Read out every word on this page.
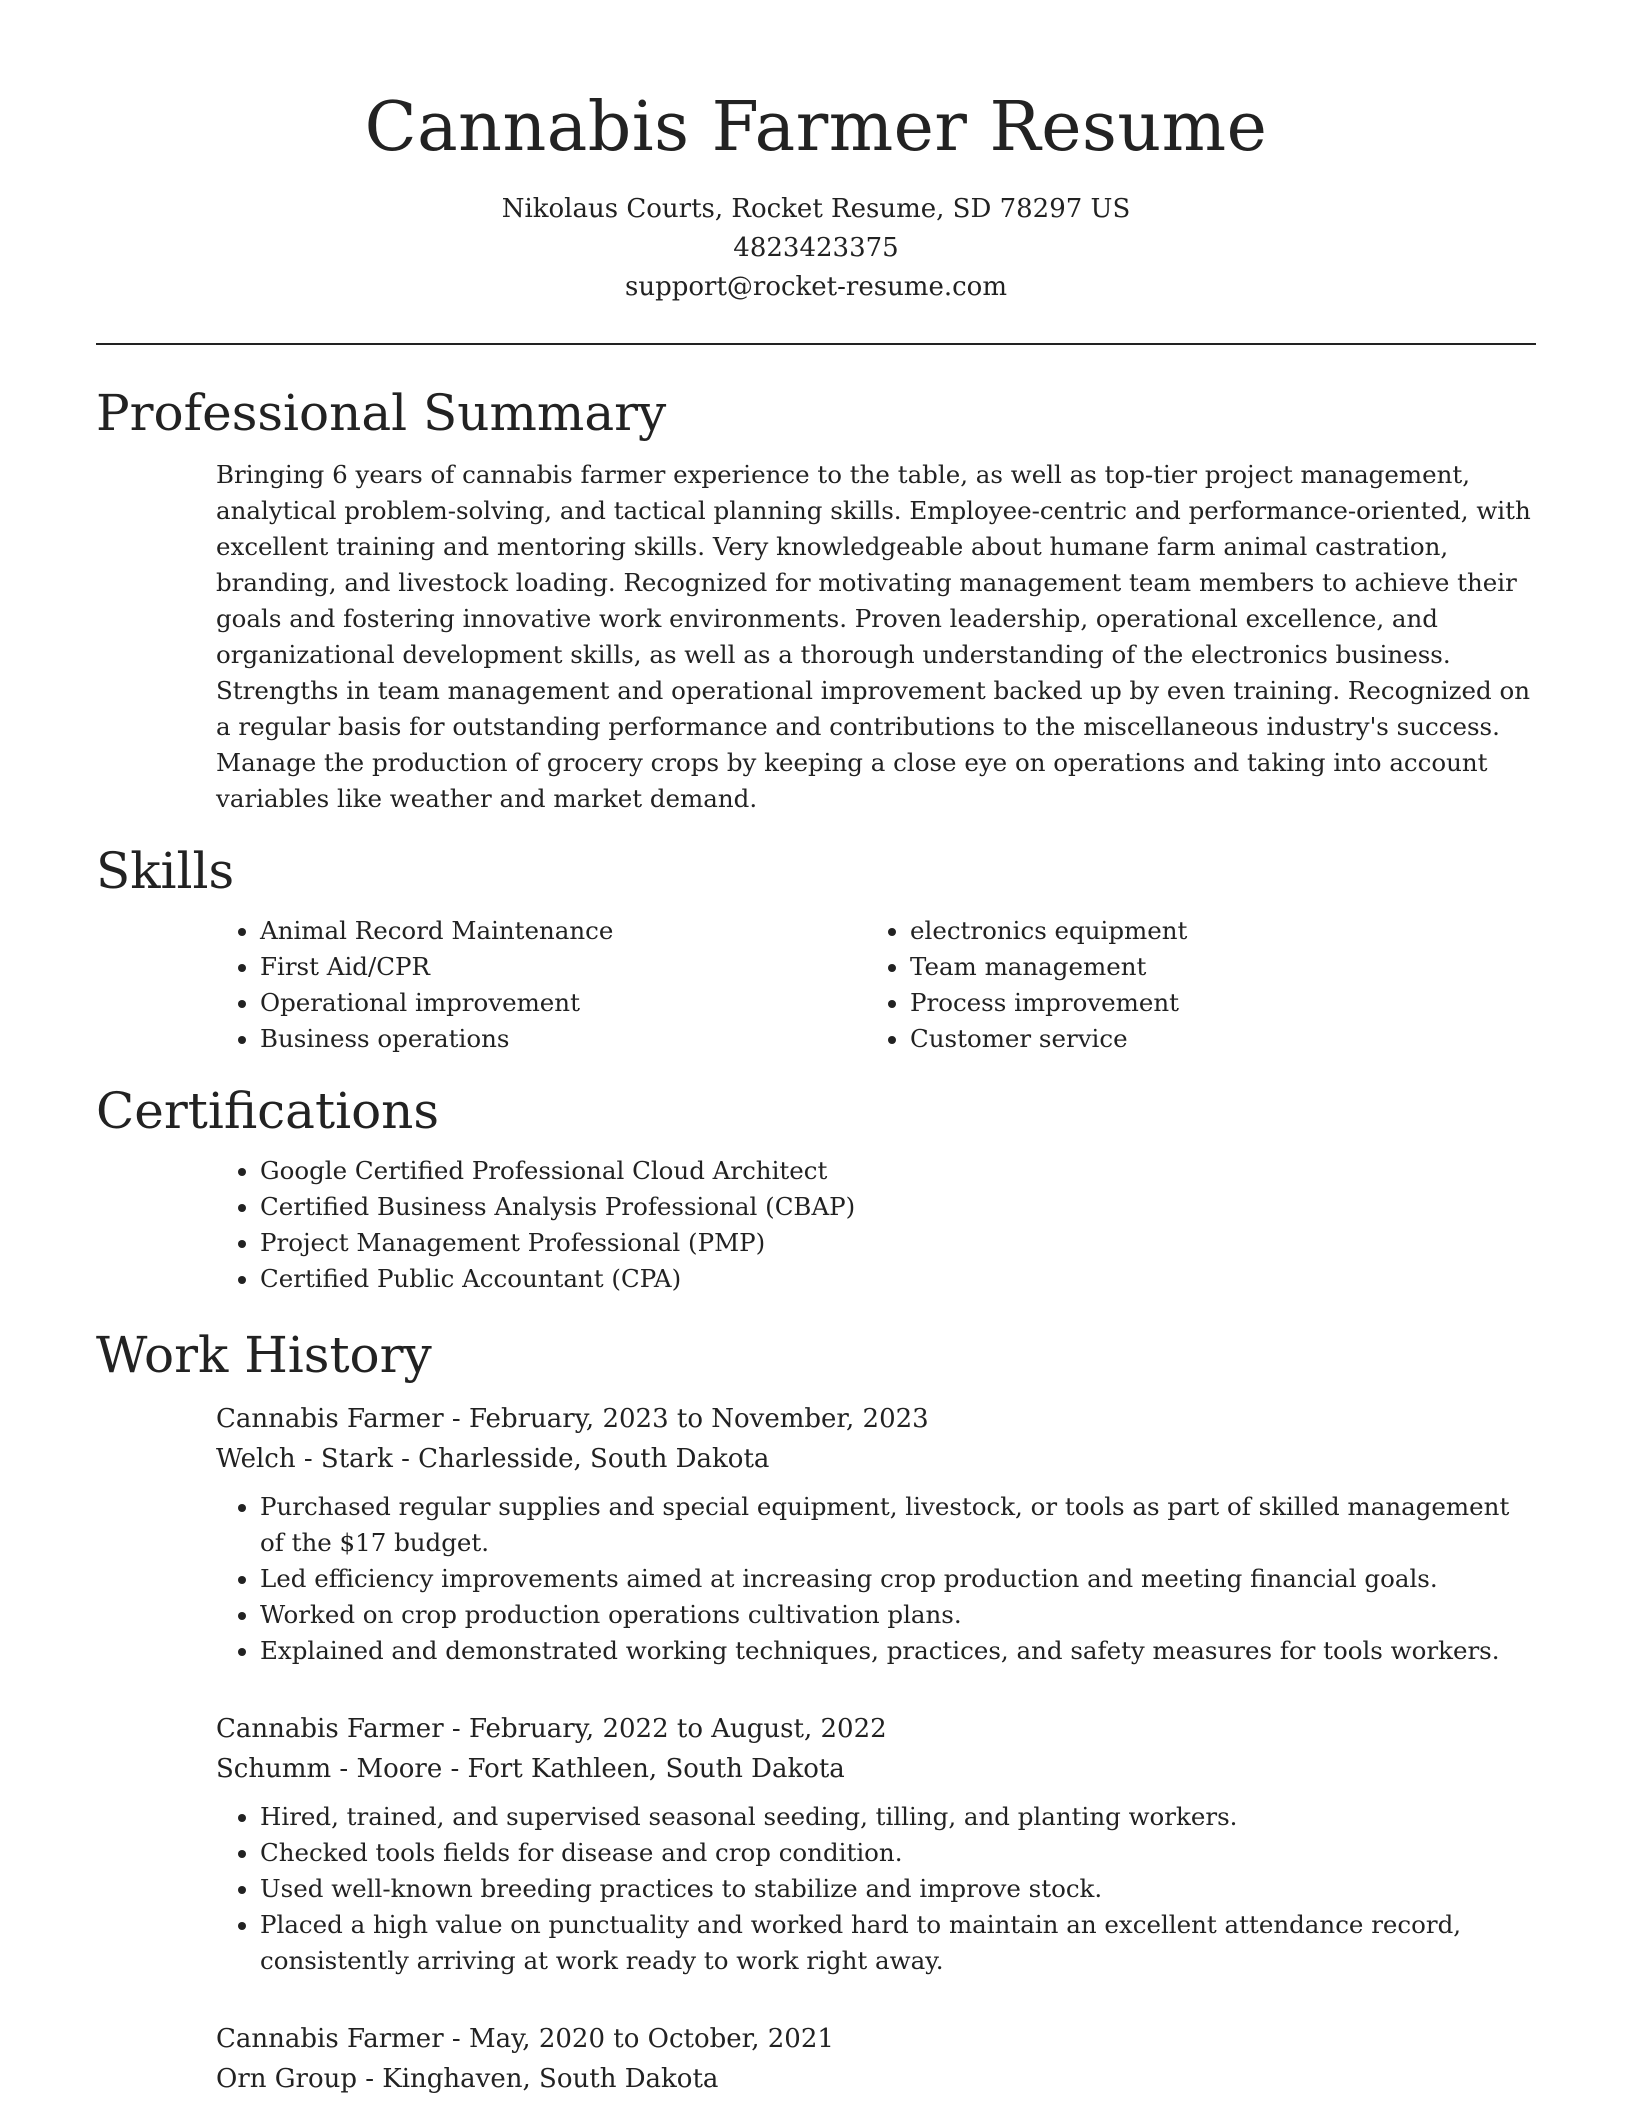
Cannabis Farmer Resume
Nikolaus Courts, Rocket Resume, SD 78297 US
4823423375
support@rocket-resume.com
Professional Summary

Bringing 6 years of cannabis farmer experience to the table, as well as top-tier project management, analytical problem-solving, and tactical planning skills. Employee-centric and performance-oriented, with excellent training and mentoring skills. Very knowledgeable about humane farm animal castration, branding, and livestock loading. Recognized for motivating management team members to achieve their goals and fostering innovative work environments. Proven leadership, operational excellence, and organizational development skills, as well as a thorough understanding of the electronics business. Strengths in team management and operational improvement backed up by even training. Recognized on a regular basis for outstanding performance and contributions to the miscellaneous industry's success. Manage the production of grocery crops by keeping a close eye on operations and taking into account variables like weather and market demand.

Skills
• Animal Record Maintenance
• First Aid/CPR
• Operational improvement
• Business operations
• electronics equipment
• Team management
• Process improvement
• Customer service
Certifications
• Google Certified Professional Cloud Architect
• Certified Business Analysis Professional (CBAP)
• Project Management Professional (PMP)
• Certified Public Accountant (CPA)
Work History
Cannabis Farmer - February, 2023 to November, 2023
Welch - Stark - Charlesside, South Dakota
• Purchased regular supplies and special equipment, livestock, or tools as part of skilled management of the $17 budget.
• Led efficiency improvements aimed at increasing crop production and meeting financial goals.
• Worked on crop production operations cultivation plans.
• Explained and demonstrated working techniques, practices, and safety measures for tools workers.
Cannabis Farmer - February, 2022 to August, 2022
Schumm - Moore - Fort Kathleen, South Dakota
• Hired, trained, and supervised seasonal seeding, tilling, and planting workers.
• Checked tools fields for disease and crop condition.
• Used well-known breeding practices to stabilize and improve stock.
• Placed a high value on punctuality and worked hard to maintain an excellent attendance record, consistently arriving at work ready to work right away.
Cannabis Farmer - May, 2020 to October, 2021
Orn Group - Kinghaven, South Dakota
